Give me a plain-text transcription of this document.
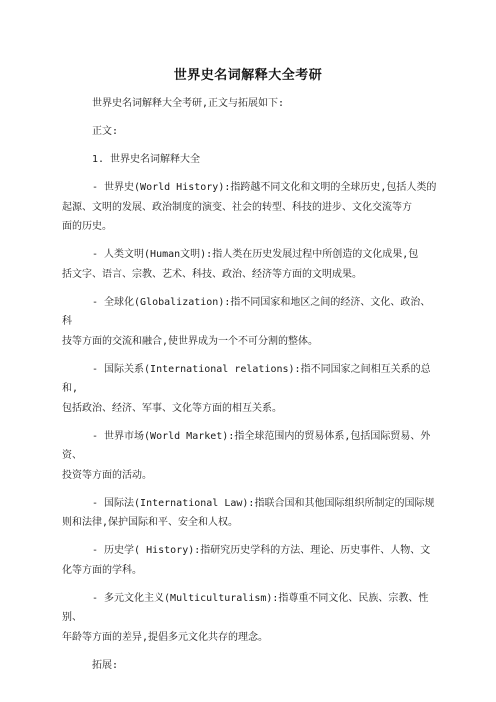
世界史名词解释大全考研
世界史名词解释大全考研,正文与拓展如下:
正文:
1. 世界史名词解释大全
- 世界史(World History):指跨越不同文化和文明的全球历史,包括人类的
起源、文明的发展、政治制度的演变、社会的转型、科技的进步、文化交流等方
面的历史。
- 人类文明(Human文明):指人类在历史发展过程中所创造的文化成果,包
括文字、语言、宗教、艺术、科技、政治、经济等方面的文明成果。
- 全球化(Globalization):指不同国家和地区之间的经济、文化、政治、科
技等方面的交流和融合,使世界成为一个不可分割的整体。
- 国际关系(International relations):指不同国家之间相互关系的总和,
包括政治、经济、军事、文化等方面的相互关系。
- 世界市场(World Market):指全球范围内的贸易体系,包括国际贸易、外资、
投资等方面的活动。
- 国际法(International Law):指联合国和其他国际组织所制定的国际规
则和法律,保护国际和平、安全和人权。
- 历史学( History):指研究历史学科的方法、理论、历史事件、人物、文
化等方面的学科。
- 多元文化主义(Multiculturalism):指尊重不同文化、民族、宗教、性别、
年龄等方面的差异,提倡多元文化共存的理念。
拓展:
